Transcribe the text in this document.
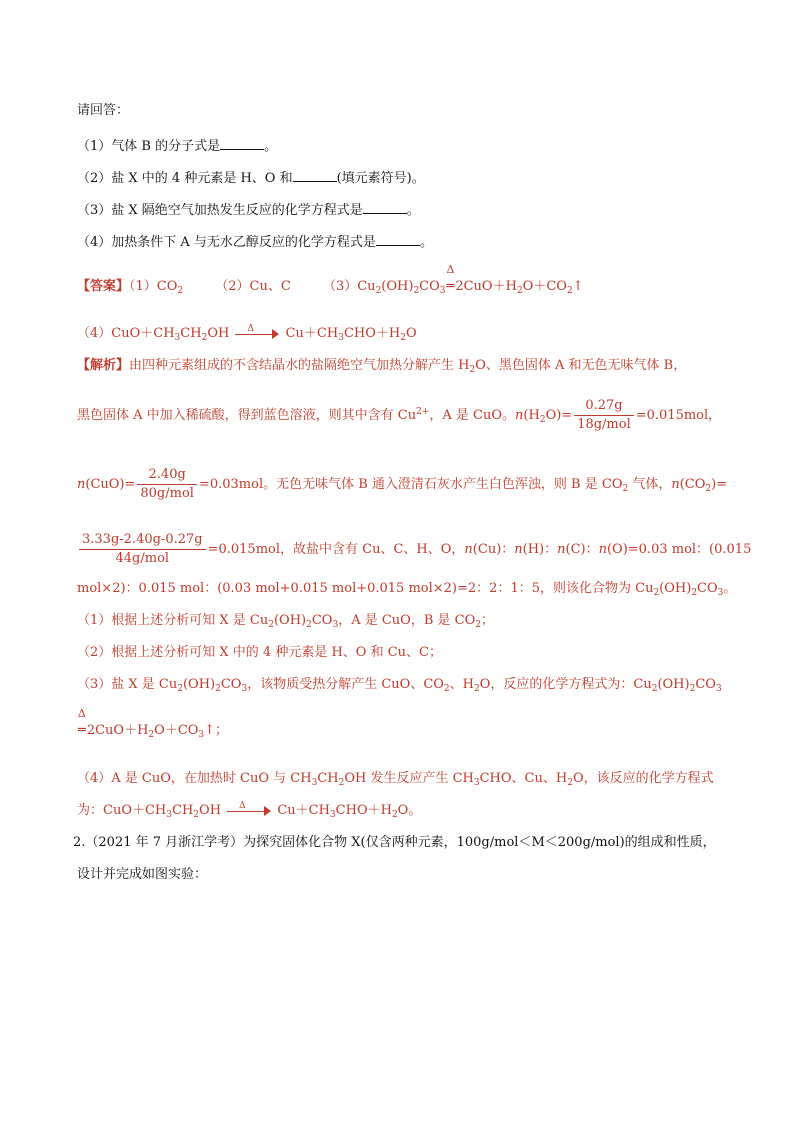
请回答：
（1）气体 B 的分子式是	。
（2）盐 X 中的 4 种元素是 H、O 和	(填元素符号)。
（3）盐 X 隔绝空气加热发生反应的化学方程式是	。
（4）加热条件下 A 与无水乙醇反应的化学方程式是	。
【答案】$(1)CO_2$ （2）Cu、C $(3)Cu_2(OH)_2CO_3$
Δ
$═2CuO+H_2O+CO_2↑$
$(4)CuO+CH_3CH_2OH$ Δ $Cu+CH_3CHO+H_2O$
【解析】由四种元素组成的不含结晶水的盐隔绝空气加热分解产生 $H_2O$、黑色固体 A 和无色无味气体 B，
黑色固体 A 中加入稀硫酸，得到蓝色溶液，则其中含有 $Cu^{2+}$，A 是 CuO。$n(H_2O)= \frac{0.27g}{\text{18g/mol}} =0.015mol$，
$n(CuO)= \frac{2.40g}{\text{80g/mol}} =0.03mol$。无色无味气体 B 通入澄清石灰水产生白色浑浊，则 B 是 $CO_2$ 气体，$n(CO_2)=$
$\frac{3.33g-2.40g-0.27g}{\text{44g/mol}} =0.015mol$，故盐中含有 Cu、C、H、O，n(Cu)：n(H)：n(C)：n(O)=0.03 mol：(0.015
mol×2)：0.015 mol：(0.03 mol+0.015 mol+0.015 mol×2)=2：2：1：5，则该化合物为 $Cu_2(OH)_2CO_3$。
（1）根据上述分析可知 X 是 $Cu_2(OH)_2CO_3$，A 是 CuO，B 是 $CO_2$；
（2）根据上述分析可知 X 中的 4 种元素是 H、O 和 Cu、C；
（3）盐 X 是 $Cu_2(OH)_2CO_3$，该物质受热分解产生 CuO、$CO_2$、$H_2O$，反应的化学方程式为：$Cu_2(OH)_2CO_3$
Δ
$═2CuO+H_2O+CO_3↑$；
（4）A 是 CuO，在加热时 CuO 与 $CH_3CH_2OH$ 发生反应产生 $CH_3CHO$、Cu、$H_2O$，该反应的化学方程式
为：$CuO+CH_3CH_2OH$ Δ $Cu+CH_3CHO+H_2O$。
2.（2021 年 7 月浙江学考）为探究固体化合物 X(仅含两种元素，100g/mol＜M＜200g/mol)的组成和性质，
设计并完成如图实验：
